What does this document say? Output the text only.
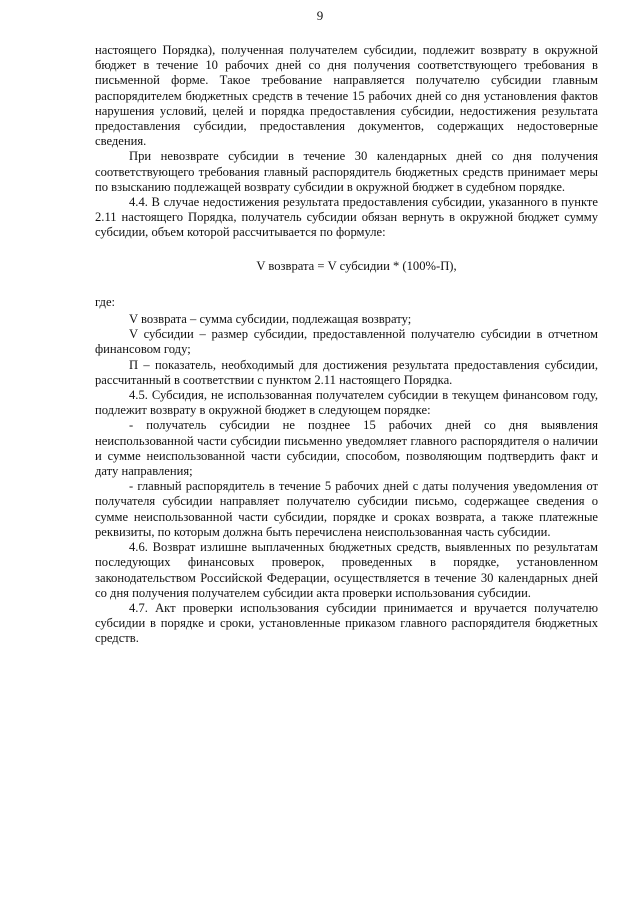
9

настоящего Порядка), полученная получателем субсидии, подлежит возврату в окружной бюджет в течение 10 рабочих дней со дня получения соответствующего требования в письменной форме. Такое требование направляется получателю субсидии главным распорядителем бюджетных средств в течение 15 рабочих дней со дня установления фактов нарушения условий, целей и порядка предоставления субсидии, недостижения результата предоставления субсидии, предоставления документов, содержащих недостоверные сведения.

При невозврате субсидии в течение 30 календарных дней со дня получения соответствующего требования главный распорядитель бюджетных средств принимает меры по взысканию подлежащей возврату субсидии в окружной бюджет в судебном порядке.

4.4. В случае недостижения результата предоставления субсидии, указанного в пункте 2.11 настоящего Порядка, получатель субсидии обязан вернуть в окружной бюджет сумму субсидии, объем которой рассчитывается по формуле:

V возврата = V субсидии * (100%-П),

где:

V возврата – сумма субсидии, подлежащая возврату;

V субсидии – размер субсидии, предоставленной получателю субсидии в отчетном финансовом году;

П – показатель, необходимый для достижения результата предоставления субсидии, рассчитанный в соответствии с пунктом 2.11 настоящего Порядка.

4.5. Субсидия, не использованная получателем субсидии в текущем финансовом году, подлежит возврату в окружной бюджет в следующем порядке:

- получатель субсидии не позднее 15 рабочих дней со дня выявления неиспользованной части субсидии письменно уведомляет главного распорядителя о наличии и сумме неиспользованной части субсидии, способом, позволяющим подтвердить факт и дату направления;

- главный распорядитель в течение 5 рабочих дней с даты получения уведомления от получателя субсидии направляет получателю субсидии письмо, содержащее сведения о сумме неиспользованной части субсидии, порядке и сроках возврата, а также платежные реквизиты, по которым должна быть перечислена неиспользованная часть субсидии.

4.6. Возврат излишне выплаченных бюджетных средств, выявленных по результатам последующих финансовых проверок, проведенных в порядке, установленном законодательством Российской Федерации, осуществляется в течение 30 календарных дней со дня получения получателем субсидии акта проверки использования субсидии.

4.7. Акт проверки использования субсидии принимается и вручается получателю субсидии в порядке и сроки, установленные приказом главного распорядителя бюджетных средств.
